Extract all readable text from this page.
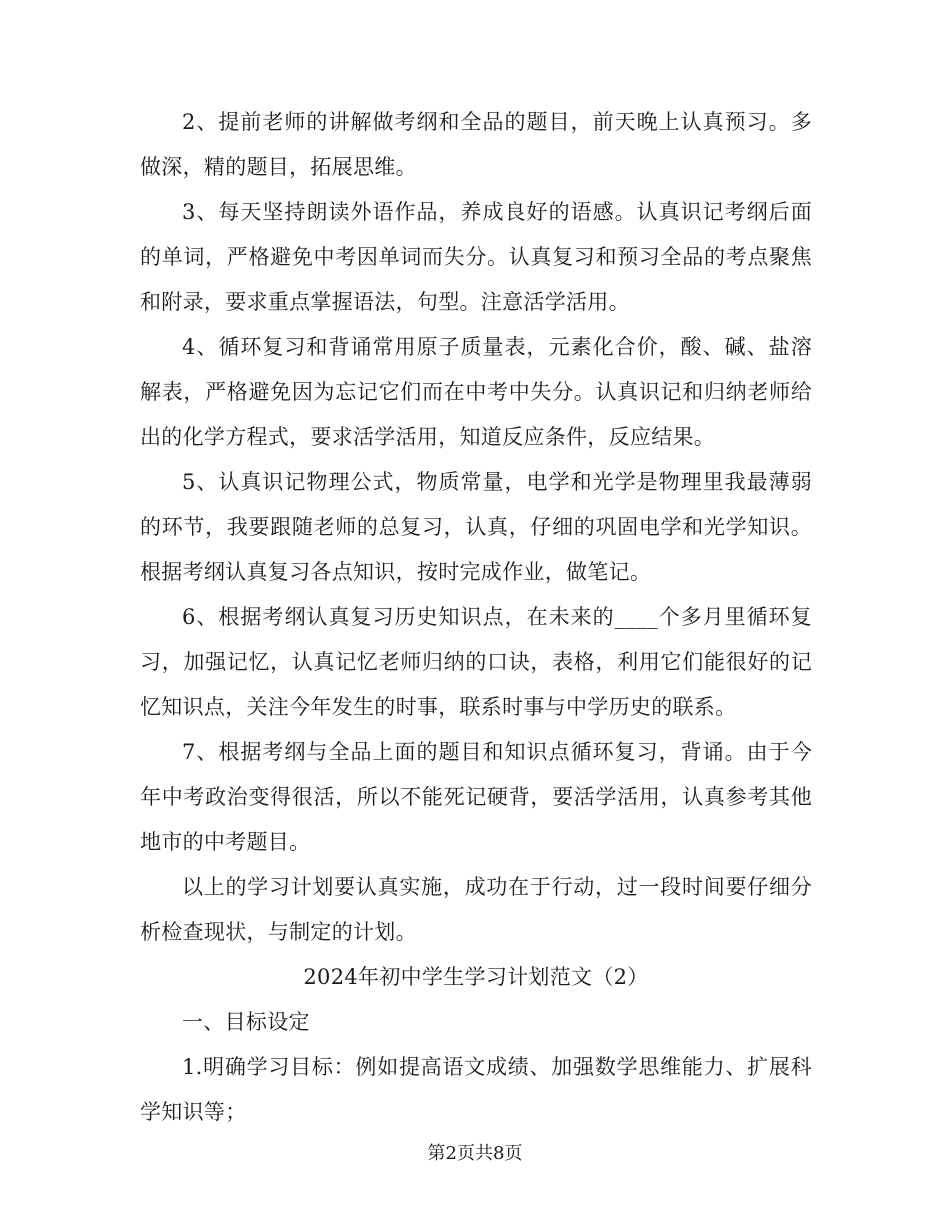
2、提前老师的讲解做考纲和全品的题目，前天晚上认真预习。多做深，精的题目，拓展思维。

3、每天坚持朗读外语作品，养成良好的语感。认真识记考纲后面的单词，严格避免中考因单词而失分。认真复习和预习全品的考点聚焦和附录，要求重点掌握语法，句型。注意活学活用。

4、循环复习和背诵常用原子质量表，元素化合价，酸、碱、盐溶解表，严格避免因为忘记它们而在中考中失分。认真识记和归纳老师给出的化学方程式，要求活学活用，知道反应条件，反应结果。

5、认真识记物理公式，物质常量，电学和光学是物理里我最薄弱的环节，我要跟随老师的总复习，认真，仔细的巩固电学和光学知识。根据考纲认真复习各点知识，按时完成作业，做笔记。

6、根据考纲认真复习历史知识点，在未来的____个多月里循环复习，加强记忆，认真记忆老师归纳的口诀，表格，利用它们能很好的记忆知识点，关注今年发生的时事，联系时事与中学历史的联系。

7、根据考纲与全品上面的题目和知识点循环复习，背诵。由于今年中考政治变得很活，所以不能死记硬背，要活学活用，认真参考其他地市的中考题目。

以上的学习计划要认真实施，成功在于行动，过一段时间要仔细分析检查现状，与制定的计划。

2024年初中学生学习计划范文（2）

一、目标设定

1.明确学习目标：例如提高语文成绩、加强数学思维能力、扩展科学知识等；

第2页共8页
